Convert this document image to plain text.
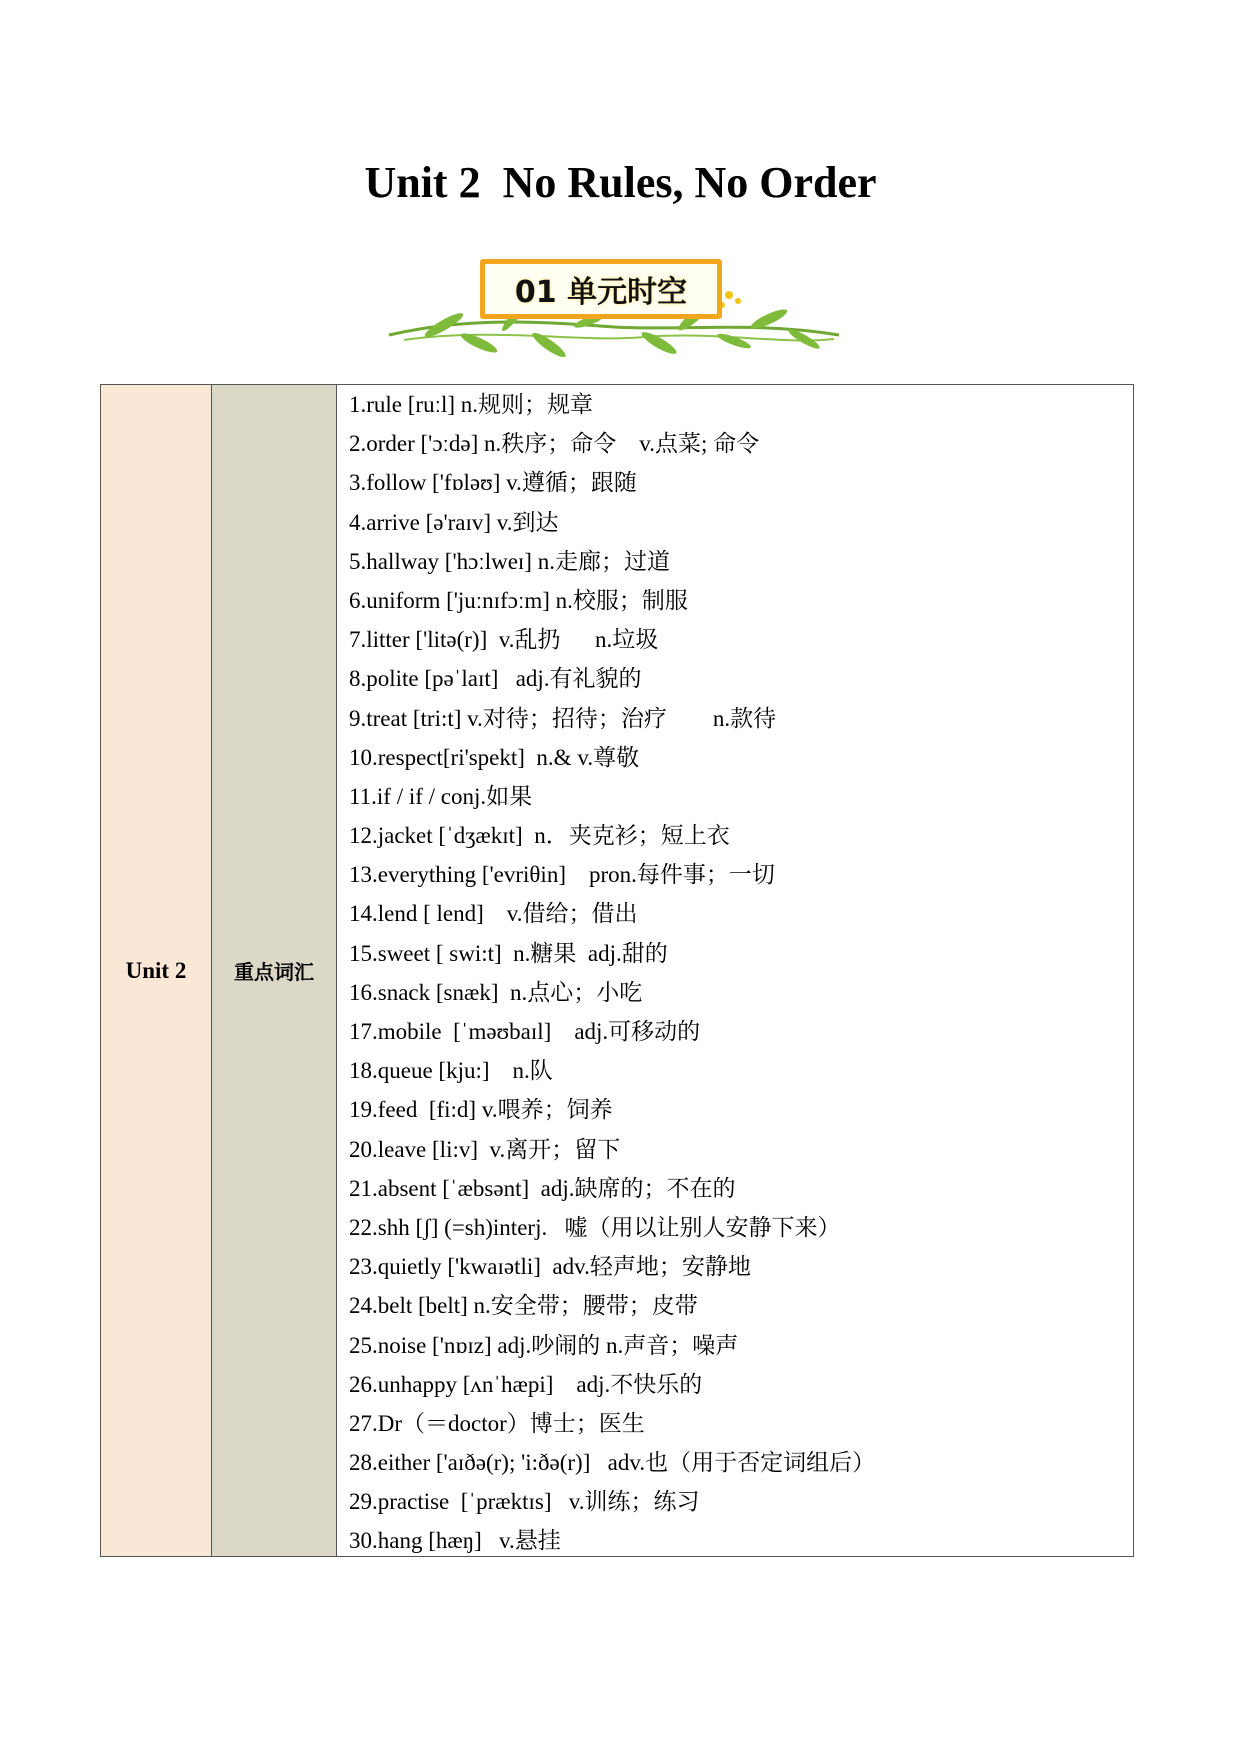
Unit 2  No Rules, No Order
01 单元时空
Unit 2	重点词汇
1.rule [ruːl] n.规则；规章
2.order ['ɔːdə] n.秩序；命令    v.点菜; 命令
3.follow ['fɒləʊ] v.遵循；跟随
4.arrive [ə'raɪv] v.到达
5.hallway ['hɔːlweɪ] n.走廊；过道
6.uniform ['juːnɪfɔːm] n.校服；制服
7.litter ['litə(r)]  v.乱扔      n.垃圾
8.polite [pəˈlaɪt]   adj.有礼貌的
9.treat [tri:t] v.对待；招待；治疗        n.款待
10.respect[ri'spekt]  n.& v.尊敬
11.if / if / conj.如果
12.jacket [ˈdʒækɪt]  n．夹克衫；短上衣
13.everything ['evriθin]    pron.每件事；一切
14.lend [ lend]    v.借给；借出
15.sweet [ swi:t]  n.糖果  adj.甜的
16.snack [snæk]  n.点心；小吃
17.mobile  [ˈməʊbaɪl]    adj.可移动的
18.queue [kju:]    n.队
19.feed  [fi:d] v.喂养；饲养
20.leave [li:v]  v.离开；留下
21.absent [ˈæbsənt]  adj.缺席的；不在的
22.shh [ʃ] (=sh)interj.   嘘（用以让别人安静下来）
23.quietly ['kwaɪətli]  adv.轻声地；安静地
24.belt [belt] n.安全带；腰带；皮带
25.noise ['nɒɪz] adj.吵闹的 n.声音；噪声
26.unhappy [ʌnˈhæpi]    adj.不快乐的
27.Dr（＝doctor）博士；医生
28.either ['aɪðə(r); 'i:ðə(r)]   adv.也（用于否定词组后）
29.practise  [ˈpræktɪs]   v.训练；练习
30.hang [hæŋ]   v.悬挂
